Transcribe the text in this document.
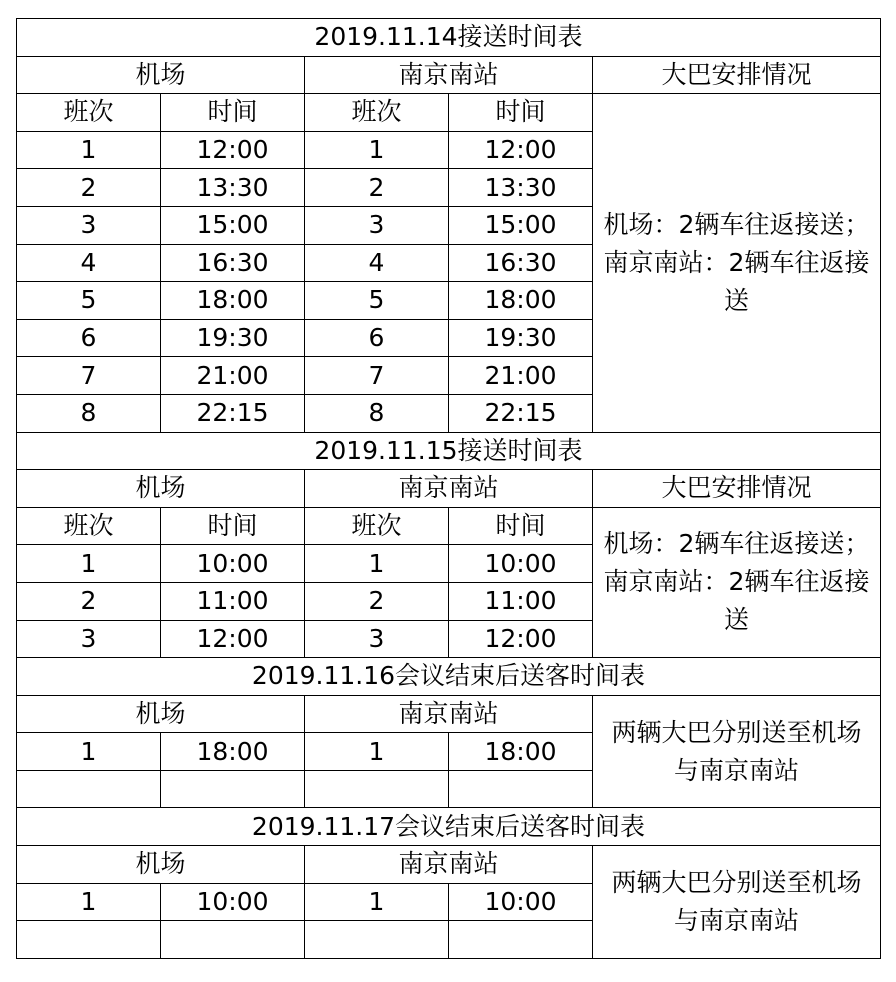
2019.11.14接送时间表				
机场		南京南站		大巴安排情况
班次	时间	班次	时间	机场：2辆车往返接送；南京南站：2辆车往返接送
1	12:00	1	12:00	
2	13:30	2	13:30	
3	15:00	3	15:00	
4	16:30	4	16:30	
5	18:00	5	18:00	
6	19:30	6	19:30	
7	21:00	7	21:00	
8	22:15	8	22:15	
2019.11.15接送时间表				
机场		南京南站		大巴安排情况
班次	时间	班次	时间	机场：2辆车往返接送；南京南站：2辆车往返接送
1	10:00	1	10:00	
2	11:00	2	11:00	
3	12:00	3	12:00	
2019.11.16会议结束后送客时间表				
机场		南京南站		两辆大巴分别送至机场与南京南站
1	18:00	1	18:00	

2019.11.17会议结束后送客时间表				
机场		南京南站		两辆大巴分别送至机场与南京南站
1	10:00	1	10:00	
